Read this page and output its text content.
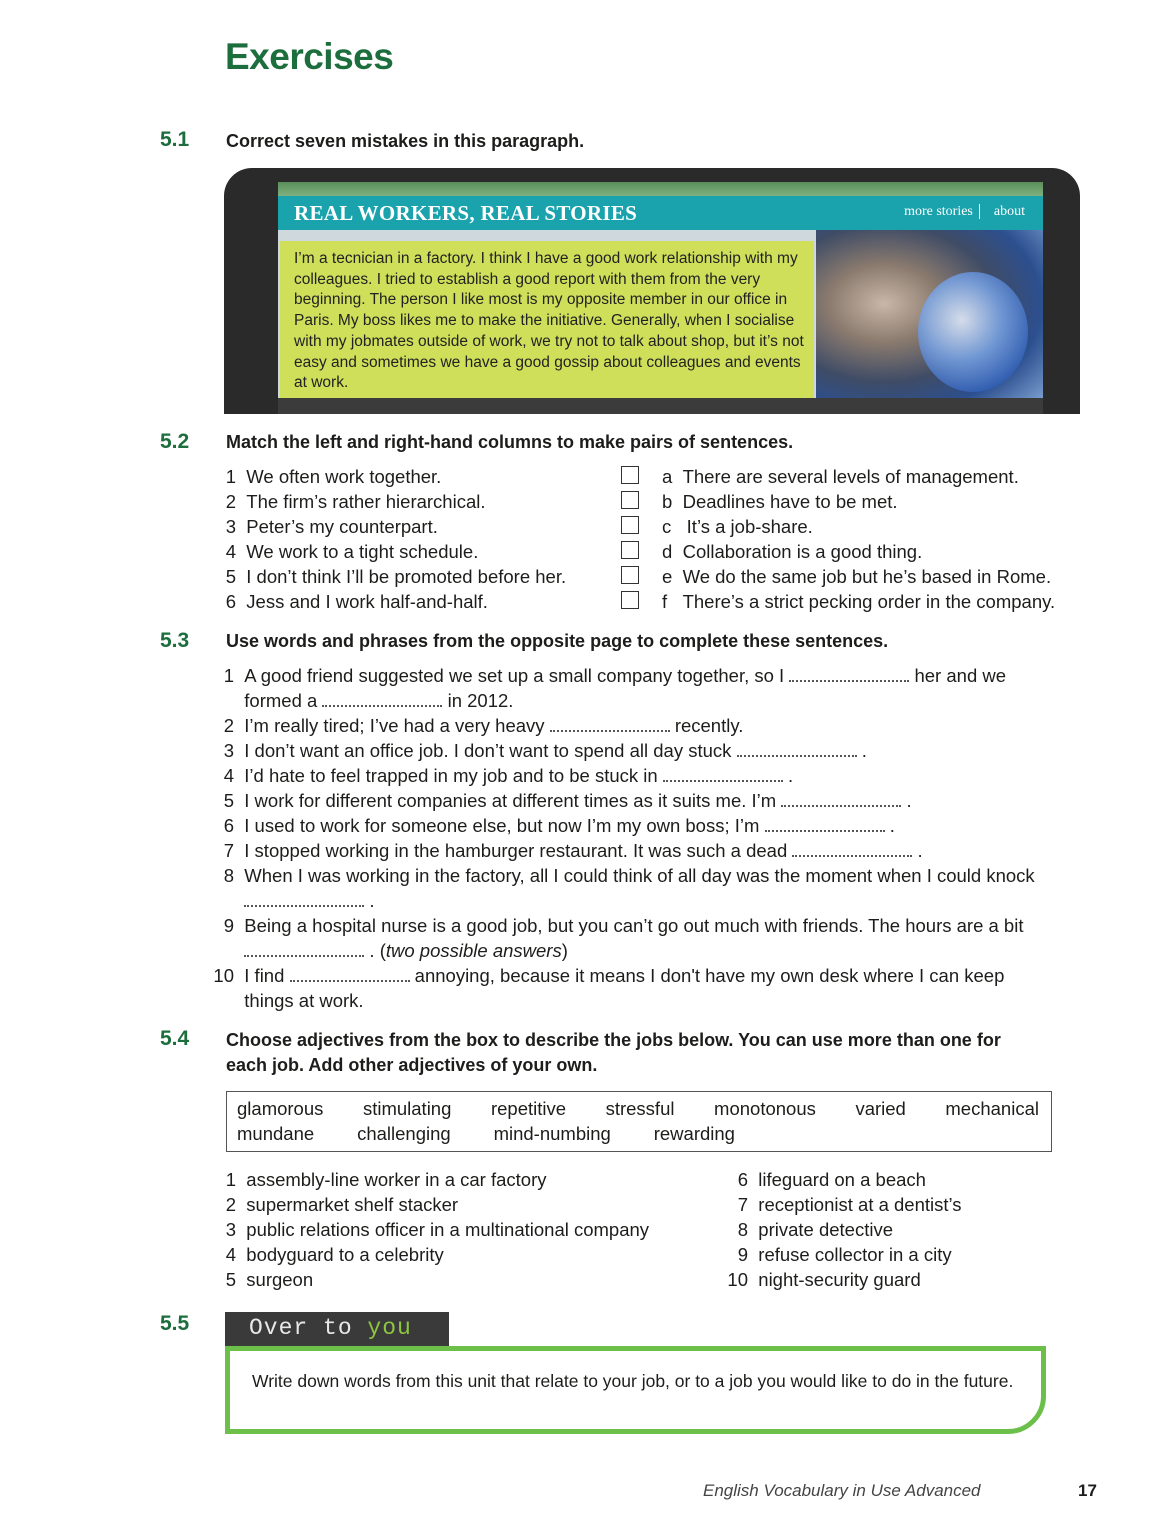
Exercises
5.1 Correct seven mistakes in this paragraph.
REAL WORKERS, REAL STORIES	more stories about
I’m a tecnician in a factory. I think I have a good work relationship with my colleagues. I tried to establish a good report with them from the very beginning. The person I like most is my opposite member in our office in Paris. My boss likes me to make the initiative. Generally, when I socialise with my jobmates outside of work, we try not to talk about shop, but it’s not easy and sometimes we have a good gossip about colleagues and events at work.
5.2 Match the left and right-hand columns to make pairs of sentences.
1 We often work together.
2 The firm’s rather hierarchical.
3 Peter’s my counterpart.
4 We work to a tight schedule.
5 I don’t think I’ll be promoted before her.
6 Jess and I work half-and-half.
a There are several levels of management.
b Deadlines have to be met.
c It’s a job-share.
d Collaboration is a good thing.
e We do the same job but he’s based in Rome.
f There’s a strict pecking order in the company.
5.3 Use words and phrases from the opposite page to complete these sentences.
1 A good friend suggested we set up a small company together, so I	her and we
formed a	in 2012.
2 I’m really tired; I’ve had a very heavy	recently.
3 I don’t want an office job. I don’t want to spend all day stuck	.
4 I’d hate to feel trapped in my job and to be stuck in	.
5 I work for different companies at different times as it suits me. I’m	.
6 I used to work for someone else, but now I’m my own boss; I’m	.
7 I stopped working in the hamburger restaurant. It was such a dead	.
8 When I was working in the factory, all I could think of all day was the moment when I could knock
.
9 Being a hospital nurse is a good job, but you can’t go out much with friends. The hours are a bit
. (two possible answers)
10 I find	annoying, because it means I don't have my own desk where I can keep
things at work.
5.4 Choose adjectives from the box to describe the jobs below. You can use more than one for
each job. Add other adjectives of your own.
glamorous stimulating repetitive stressful monotonous varied mechanical
mundane challenging mind-numbing rewarding
1 assembly-line worker in a car factory
2 supermarket shelf stacker
3 public relations officer in a multinational company
4 bodyguard to a celebrity
5 surgeon
6 lifeguard on a beach
7 receptionist at a dentist’s
8 private detective
9 refuse collector in a city
10 night-security guard
5.5	Over to you
Write down words from this unit that relate to your job, or to a job you would like to do in the future.
English Vocabulary in Use Advanced	17
